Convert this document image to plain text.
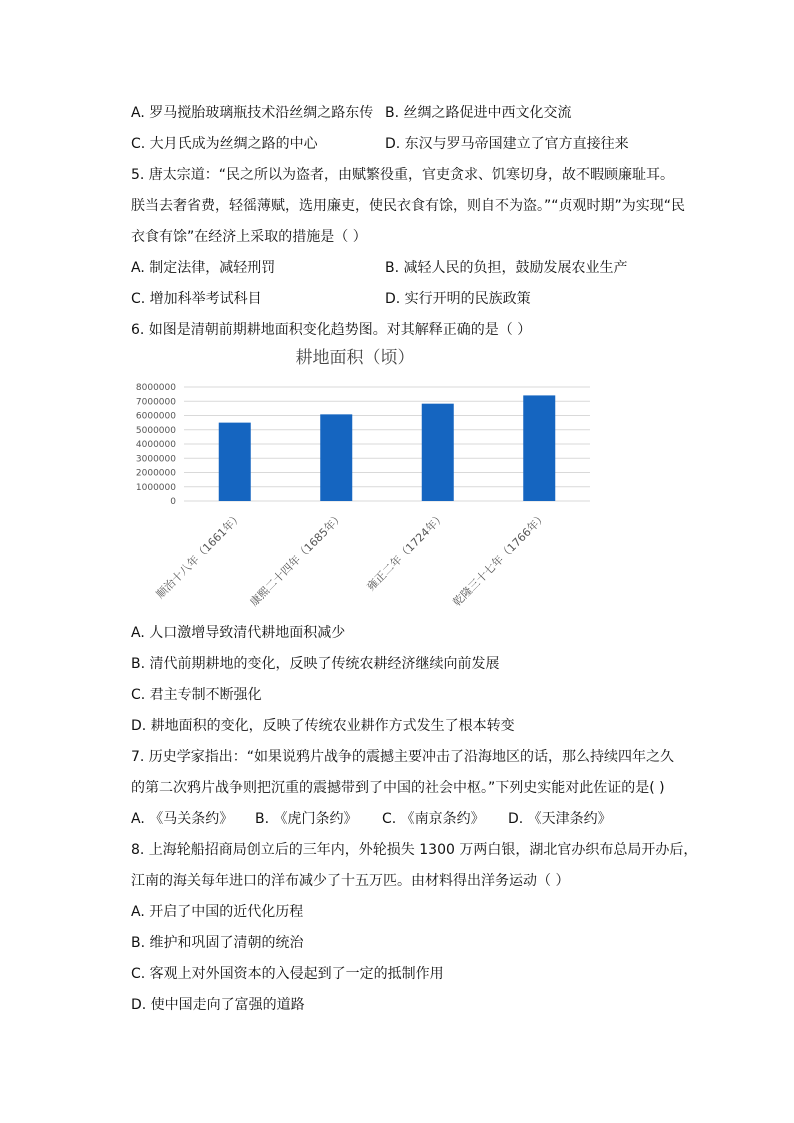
A. 罗马搅胎玻璃瓶技术沿丝绸之路东传 B. 丝绸之路促进中西文化交流
C. 大月氏成为丝绸之路的中心	D. 东汉与罗马帝国建立了官方直接往来
5. 唐太宗道：“民之所以为盗者，由赋繁役重，官吏贪求、饥寒切身，故不暇顾廉耻耳。
朕当去奢省费，轻徭薄赋，选用廉吏，使民衣食有馀，则自不为盗。”“贞观时期”为实现“民
衣食有馀”在经济上采取的措施是（ ）
A. 制定法律，减轻刑罚	B. 减轻人民的负担，鼓励发展农业生产
C. 增加科举考试科目	D. 实行开明的民族政策
6. 如图是清朝前期耕地面积变化趋势图。对其解释正确的是（ ）
耕地面积（顷）
0
1000000
2000000
3000000
4000000
5000000
6000000
7000000
8000000
顺治十八年（1661年） 康熙二十四年（1685年） 雍正二年（1724年） 乾隆三十七年（1766年）
A. 人口激增导致清代耕地面积减少
B. 清代前期耕地的变化，反映了传统农耕经济继续向前发展
C. 君主专制不断强化
D. 耕地面积的变化，反映了传统农业耕作方式发生了根本转变
7. 历史学家指出：“如果说鸦片战争的震撼主要冲击了沿海地区的话，那么持续四年之久
的第二次鸦片战争则把沉重的震撼带到了中国的社会中枢。”下列史实能对此佐证的是( )
A. 《马关条约》 B. 《虎门条约》 C. 《南京条约》 D. 《天津条约》
8. 上海轮船招商局创立后的三年内，外轮损失 1300 万两白银，湖北官办织布总局开办后，
江南的海关每年进口的洋布减少了十五万匹。由材料得出洋务运动（ ）
A. 开启了中国的近代化历程
B. 维护和巩固了清朝的统治
C. 客观上对外国资本的入侵起到了一定的抵制作用
D. 使中国走向了富强的道路
